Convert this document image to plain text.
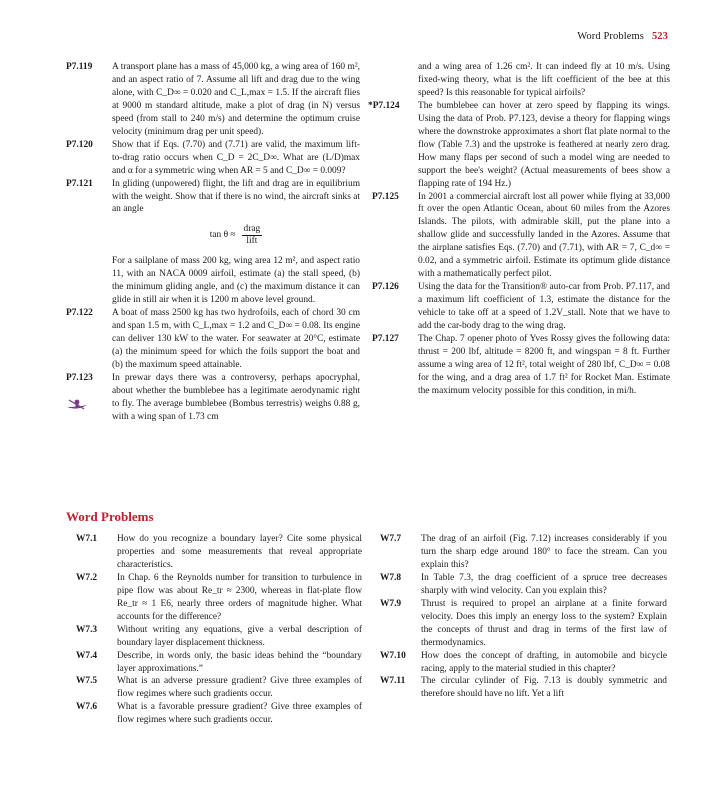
Word Problems 523
P7.119	A transport plane has a mass of 45,000 kg, a wing area of 160 m², and an aspect ratio of 7. Assume all lift and drag due to the wing alone, with C_D∞ = 0.020 and C_L,max = 1.5. If the aircraft flies at 9000 m standard altitude, make a plot of drag (in N) versus speed (from stall to 240 m/s) and determine the optimum cruise velocity (minimum drag per unit speed).

P7.120	Show that if Eqs. (7.70) and (7.71) are valid, the maximum lift-to-drag ratio occurs when C_D = 2C_D∞. What are (L/D)max and α for a symmetric wing when AR = 5 and C_D∞ = 0.009?

P7.121	In gliding (unpowered) flight, the lift and drag are in equilibrium with the weight. Show that if there is no wind, the aircraft sinks at an angle

$\tan \theta \approx \frac{\text{drag}}{\text{lift}}$

For a sailplane of mass 200 kg, wing area 12 m², and aspect ratio 11, with an NACA 0009 airfoil, estimate (a) the stall speed, (b) the minimum gliding angle, and (c) the maximum distance it can glide in still air when it is 1200 m above level ground.

P7.122	A boat of mass 2500 kg has two hydrofoils, each of chord 30 cm and span 1.5 m, with C_L,max = 1.2 and C_D∞ = 0.08. Its engine can deliver 130 kW to the water. For seawater at 20°C, estimate (a) the minimum speed for which the foils support the boat and (b) the maximum speed attainable.

P7.123	In prewar days there was a controversy, perhaps apocryphal, about whether the bumblebee has a legitimate aerodynamic right to fly. The average bumblebee (Bombus terrestris) weighs 0.88 g, with a wing span of 1.73 cm

and a wing area of 1.26 cm². It can indeed fly at 10 m/s. Using fixed-wing theory, what is the lift coefficient of the bee at this speed? Is this reasonable for typical airfoils?

*P7.124	The bumblebee can hover at zero speed by flapping its wings. Using the data of Prob. P7.123, devise a theory for flapping wings where the downstroke approximates a short flat plate normal to the flow (Table 7.3) and the upstroke is feathered at nearly zero drag. How many flaps per second of such a model wing are needed to support the bee's weight? (Actual measurements of bees show a flapping rate of 194 Hz.)

P7.125	In 2001 a commercial aircraft lost all power while flying at 33,000 ft over the open Atlantic Ocean, about 60 miles from the Azores Islands. The pilots, with admirable skill, put the plane into a shallow glide and successfully landed in the Azores. Assume that the airplane satisfies Eqs. (7.70) and (7.71), with AR = 7, C_d∞ = 0.02, and a symmetric airfoil. Estimate its optimum glide distance with a mathematically perfect pilot.

P7.126	Using the data for the Transition® auto-car from Prob. P7.117, and a maximum lift coefficient of 1.3, estimate the distance for the vehicle to take off at a speed of 1.2V_stall. Note that we have to add the car-body drag to the wing drag.

P7.127	The Chap. 7 opener photo of Yves Rossy gives the following data: thrust = 200 lbf, altitude = 8200 ft, and wingspan = 8 ft. Further assume a wing area of 12 ft², total weight of 280 lbf, C_D∞ = 0.08 for the wing, and a drag area of 1.7 ft² for Rocket Man. Estimate the maximum velocity possible for this condition, in mi/h.

Word Problems
W7.1 How do you recognize a boundary layer? Cite some physical properties and some measurements that reveal appropriate characteristics.

W7.2 In Chap. 6 the Reynolds number for transition to turbulence in pipe flow was about Re_tr ≈ 2300, whereas in flat-plate flow Re_tr ≈ 1 E6, nearly three orders of magnitude higher. What accounts for the difference?

W7.3 Without writing any equations, give a verbal description of boundary layer displacement thickness.

W7.4 Describe, in words only, the basic ideas behind the “boundary layer approximations.”

W7.5 What is an adverse pressure gradient? Give three examples of flow regimes where such gradients occur.

W7.6 What is a favorable pressure gradient? Give three examples of flow regimes where such gradients occur.

W7.7 The drag of an airfoil (Fig. 7.12) increases considerably if you turn the sharp edge around 180° to face the stream. Can you explain this?

W7.8 In Table 7.3, the drag coefficient of a spruce tree decreases sharply with wind velocity. Can you explain this?

W7.9 Thrust is required to propel an airplane at a finite forward velocity. Does this imply an energy loss to the system? Explain the concepts of thrust and drag in terms of the first law of thermodynamics.

W7.10 How does the concept of drafting, in automobile and bicycle racing, apply to the material studied in this chapter?

W7.11 The circular cylinder of Fig. 7.13 is doubly symmetric and therefore should have no lift. Yet a lift
